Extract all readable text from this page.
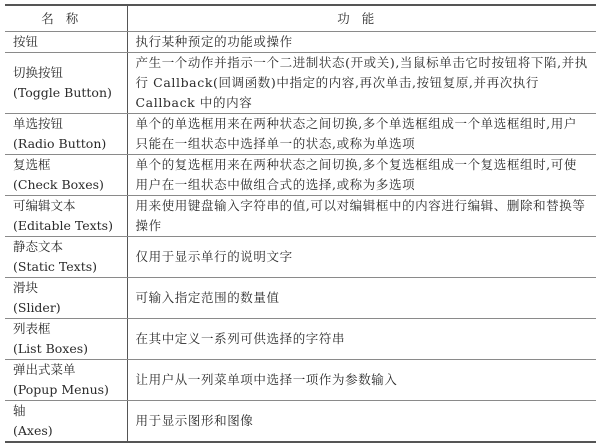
名称	功能
按钮	执行某种预定的功能或操作

切换按钮
(Toggle Button)	产生一个动作并指示一个二进制状态(开或关),当鼠标单击它时按钮将下陷,并执行 Callback(回调函数)中指定的内容,再次单击,按钮复原,并再次执行 Callback 中的内容

单选按钮
(Radio Button)	单个的单选框用来在两种状态之间切换,多个单选框组成一个单选框组时,用户只能在一组状态中选择单一的状态,或称为单选项

复选框
(Check Boxes)	单个的复选框用来在两种状态之间切换,多个复选框组成一个复选框组时,可使用户在一组状态中做组合式的选择,或称为多选项

可编辑文本
(Editable Texts)	用来使用键盘输入字符串的值,可以对编辑框中的内容进行编辑、删除和替换等操作

静态文本
(Static Texts)	仅用于显示单行的说明文字

滑块
(Slider)	可输入指定范围的数量值

列表框
(List Boxes)	在其中定义一系列可供选择的字符串

弹出式菜单
(Popup Menus)	让用户从一列菜单项中选择一项作为参数输入

轴
(Axes)	用于显示图形和图像
